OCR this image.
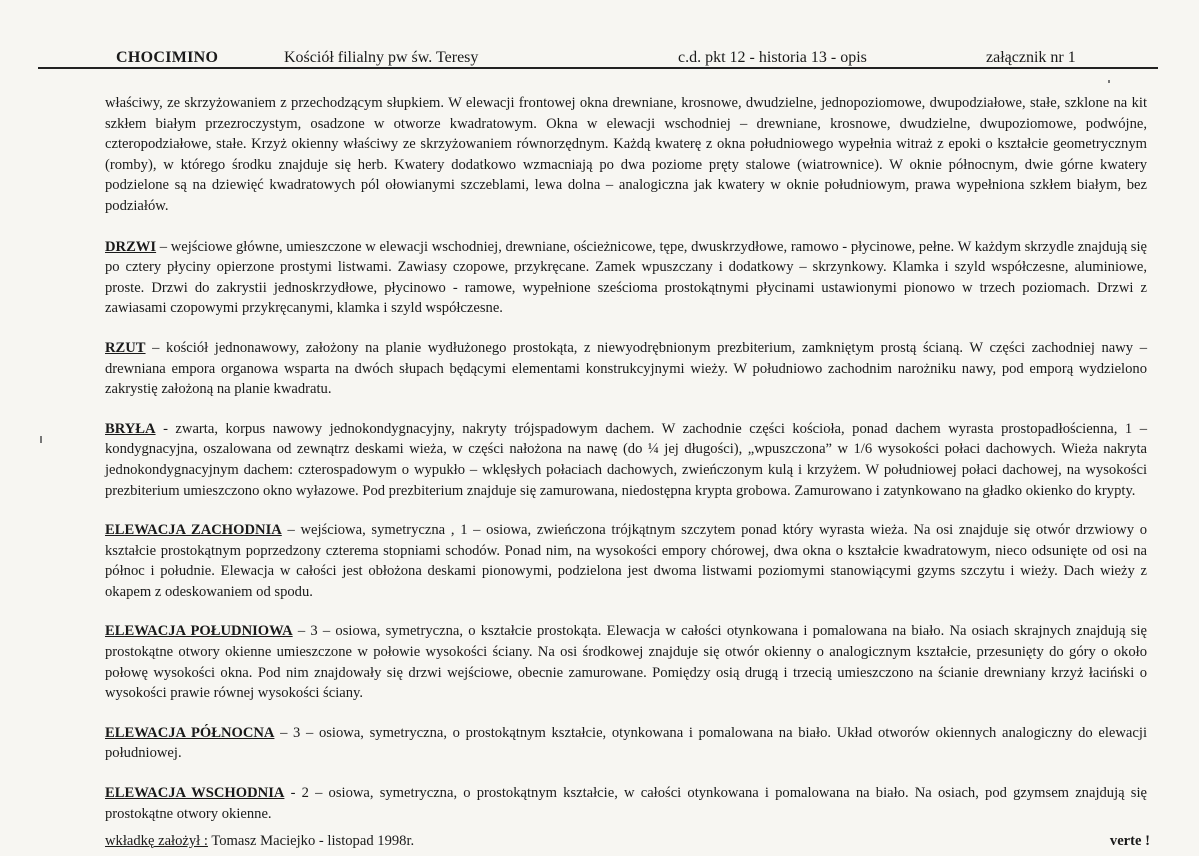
CHOCIMINO	Kościół filialny pw św. Teresy	c.d. pkt 12 - historia 13 - opis	załącznik nr 1

właściwy, ze skrzyżowaniem z przechodzącym słupkiem. W elewacji frontowej okna drewniane, krosnowe, dwudzielne, jednopoziomowe, dwupodziałowe, stałe, szklone na kit szkłem białym przezroczystym, osadzone w otworze kwadratowym. Okna w elewacji wschodniej – drewniane, krosnowe, dwudzielne, dwupoziomowe, podwójne, czteropodziałowe, stałe. Krzyż okienny właściwy ze skrzyżowaniem równorzędnym. Każdą kwaterę z okna południowego wypełnia witraż z epoki o kształcie geometrycznym (romby), w którego środku znajduje się herb. Kwatery dodatkowo wzmacniają po dwa poziome pręty stalowe (wiatrownice). W oknie północnym, dwie górne kwatery podzielone są na dziewięć kwadratowych pól ołowianymi szczeblami, lewa dolna – analogiczna jak kwatery w oknie południowym, prawa wypełniona szkłem białym, bez podziałów.

DRZWI – wejściowe główne, umieszczone w elewacji wschodniej, drewniane, ościeżnicowe, tępe, dwuskrzydłowe, ramowo - płycinowe, pełne. W każdym skrzydle znajdują się po cztery płyciny opierzone prostymi listwami. Zawiasy czopowe, przykręcane. Zamek wpuszczany i dodatkowy – skrzynkowy. Klamka i szyld współczesne, aluminiowe, proste. Drzwi do zakrystii jednoskrzydłowe, płycinowo - ramowe, wypełnione sześcioma prostokątnymi płycinami ustawionymi pionowo w trzech poziomach. Drzwi z zawiasami czopowymi przykręcanymi, klamka i szyld współczesne.

RZUT – kościół jednonawowy, założony na planie wydłużonego prostokąta, z niewyodrębnionym prezbiterium, zamkniętym prostą ścianą. W części zachodniej nawy – drewniana empora organowa wsparta na dwóch słupach będącymi elementami konstrukcyjnymi wieży. W południowo zachodnim narożniku nawy, pod emporą wydzielono zakrystię założoną na planie kwadratu.

BRYŁA - zwarta, korpus nawowy jednokondygnacyjny, nakryty trójspadowym dachem. W zachodnie części kościoła, ponad dachem wyrasta prostopadłościenna, 1 – kondygnacyjna, oszalowana od zewnątrz deskami wieża, w części nałożona na nawę (do ¼ jej długości), „wpuszczona” w 1/6 wysokości połaci dachowych. Wieża nakryta jednokondygnacyjnym dachem: czterospadowym o wypukło – wklęsłych połaciach dachowych, zwieńczonym kulą i krzyżem. W południowej połaci dachowej, na wysokości prezbiterium umieszczono okno wyłazowe. Pod prezbiterium znajduje się zamurowana, niedostępna krypta grobowa. Zamurowano i zatynkowano na gładko okienko do krypty.

ELEWACJA ZACHODNIA – wejściowa, symetryczna , 1 – osiowa, zwieńczona trójkątnym szczytem ponad który wyrasta wieża. Na osi znajduje się otwór drzwiowy o kształcie prostokątnym poprzedzony czterema stopniami schodów. Ponad nim, na wysokości empory chórowej, dwa okna o kształcie kwadratowym, nieco odsunięte od osi na północ i południe. Elewacja w całości jest obłożona deskami pionowymi, podzielona jest dwoma listwami poziomymi stanowiącymi gzyms szczytu i wieży. Dach wieży z okapem z odeskowaniem od spodu.

ELEWACJA POŁUDNIOWA – 3 – osiowa, symetryczna, o kształcie prostokąta. Elewacja w całości otynkowana i pomalowana na biało. Na osiach skrajnych znajdują się prostokątne otwory okienne umieszczone w połowie wysokości ściany. Na osi środkowej znajduje się otwór okienny o analogicznym kształcie, przesunięty do góry o około połowę wysokości okna. Pod nim znajdowały się drzwi wejściowe, obecnie zamurowane. Pomiędzy osią drugą i trzecią umieszczono na ścianie drewniany krzyż łaciński o wysokości prawie równej wysokości ściany.

ELEWACJA PÓŁNOCNA – 3 – osiowa, symetryczna, o prostokątnym kształcie, otynkowana i pomalowana na biało. Układ otworów okiennych analogiczny do elewacji południowej.

ELEWACJA WSCHODNIA - 2 – osiowa, symetryczna, o prostokątnym kształcie, w całości otynkowana i pomalowana na biało. Na osiach, pod gzymsem znajdują się prostokątne otwory okienne.

wkładkę założył : Tomasz Maciejko - listopad 1998r.	verte !
